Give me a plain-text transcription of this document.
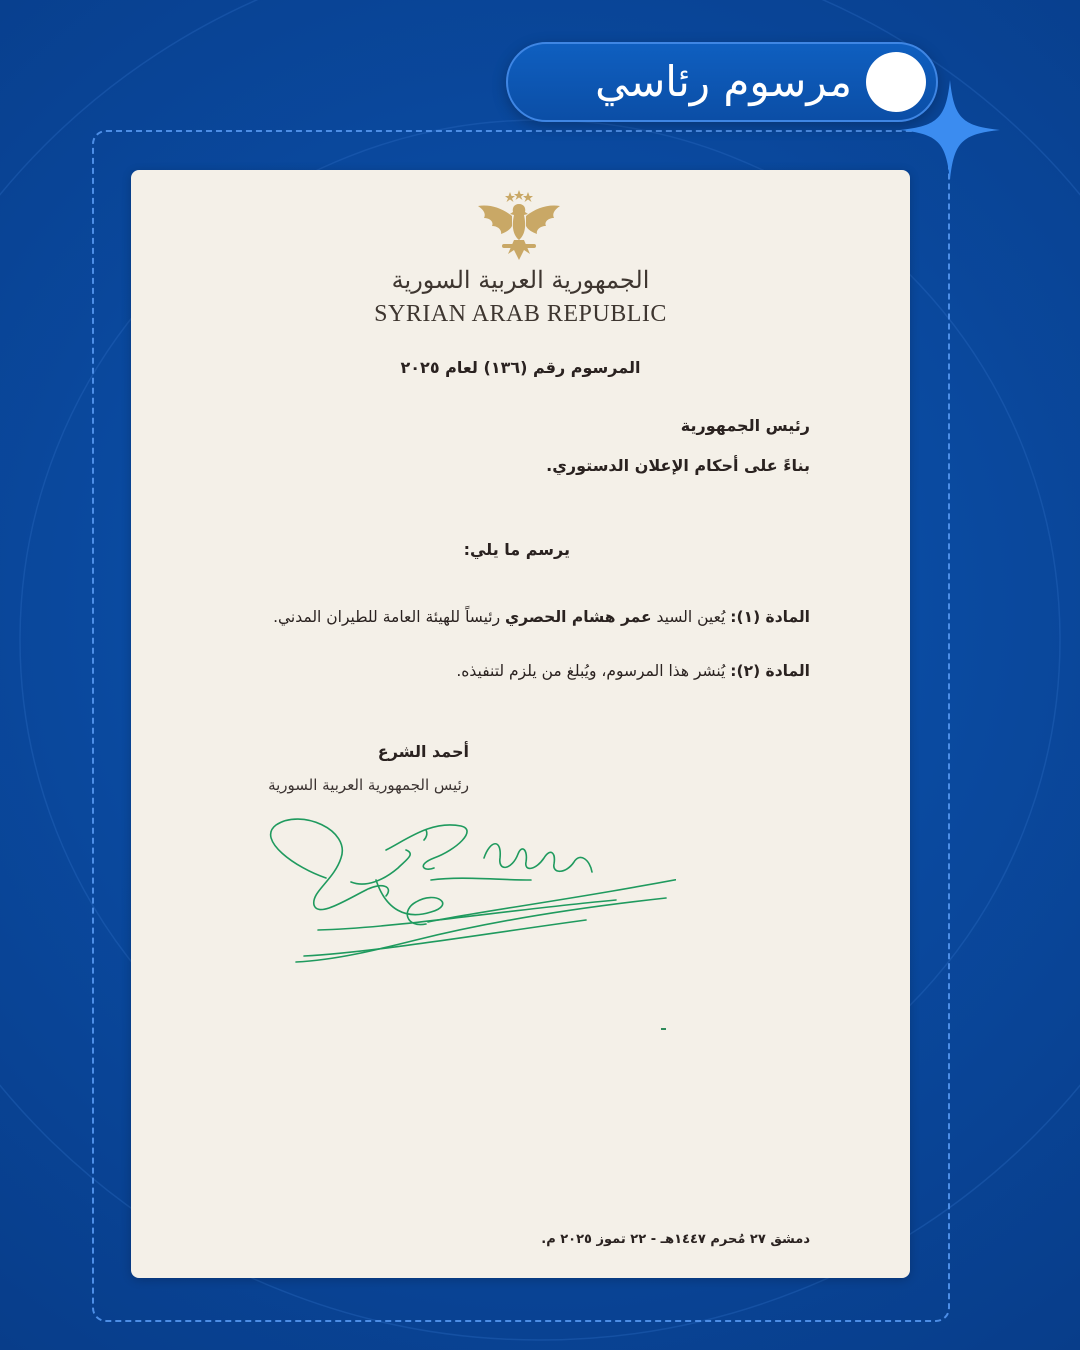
مرسوم رئاسي
الجمهورية العربية السورية
SYRIAN ARAB REPUBLIC
المرسوم رقم (١٣٦) لعام ٢٠٢٥
رئيس الجمهورية
بناءً على أحكام الإعلان الدستوري.
يرسم ما يلي:
المادة (١): يُعين السيد عمر هشام الحصري رئيساً للهيئة العامة للطيران المدني.
المادة (٢): يُنشر هذا المرسوم، ويُبلغ من يلزم لتنفيذه.
أحمد الشرع
رئيس الجمهورية العربية السورية
دمشق ٢٧ مُحرم ١٤٤٧هـ - ٢٢ تموز ٢٠٢٥ م.
